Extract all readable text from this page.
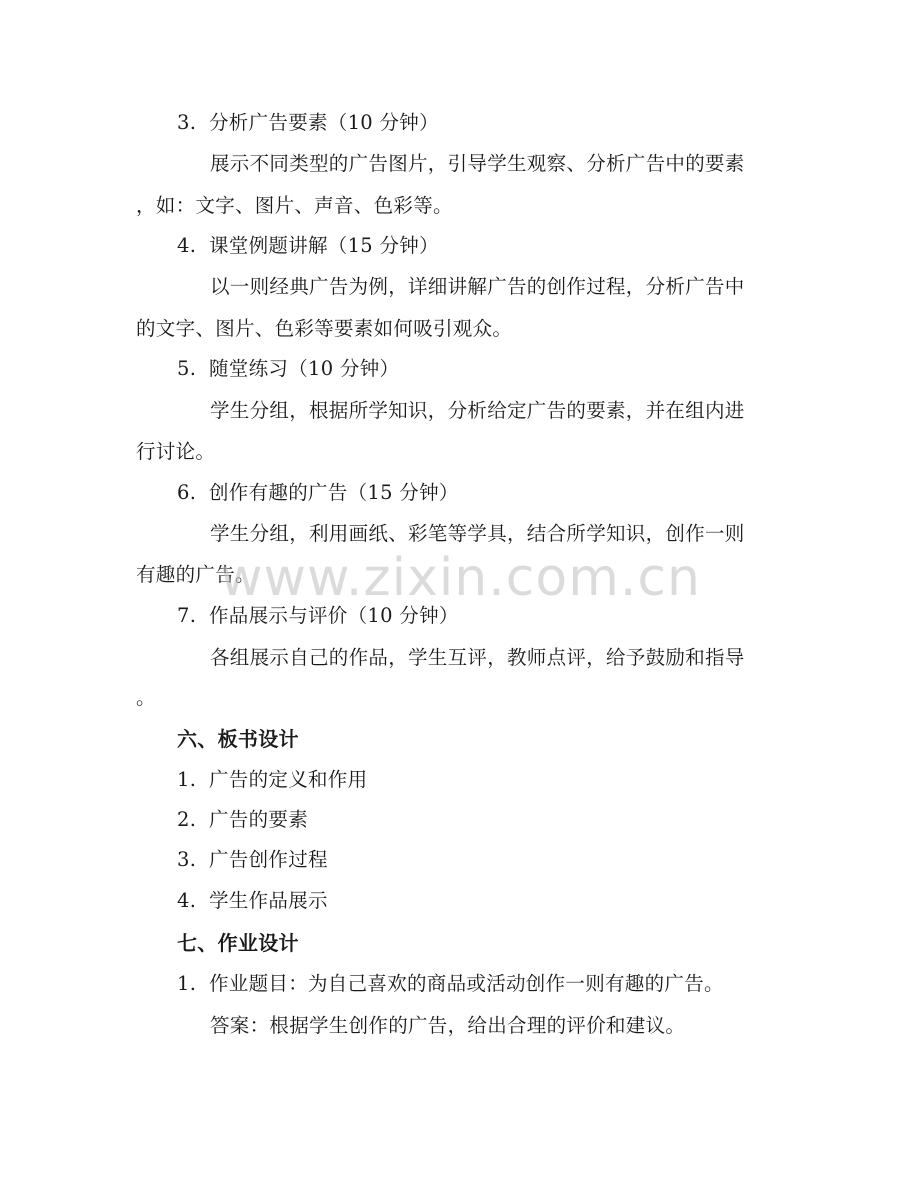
3. 分析广告要素（10 分钟）
展示不同类型的广告图片，引导学生观察、分析广告中的要素
，如：文字、图片、声音、色彩等。
4. 课堂例题讲解（15 分钟）
以一则经典广告为例，详细讲解广告的创作过程，分析广告中
的文字、图片、色彩等要素如何吸引观众。
5. 随堂练习（10 分钟）
学生分组，根据所学知识，分析给定广告的要素，并在组内进
行讨论。
6. 创作有趣的广告（15 分钟）
学生分组，利用画纸、彩笔等学具，结合所学知识，创作一则
有趣的广告。
7. 作品展示与评价（10 分钟）
各组展示自己的作品，学生互评，教师点评，给予鼓励和指导
。
六、板书设计
1. 广告的定义和作用
2. 广告的要素
3. 广告创作过程
4. 学生作品展示
七、作业设计
1. 作业题目：为自己喜欢的商品或活动创作一则有趣的广告。
答案：根据学生创作的广告，给出合理的评价和建议。
www.zixin.com.cn
